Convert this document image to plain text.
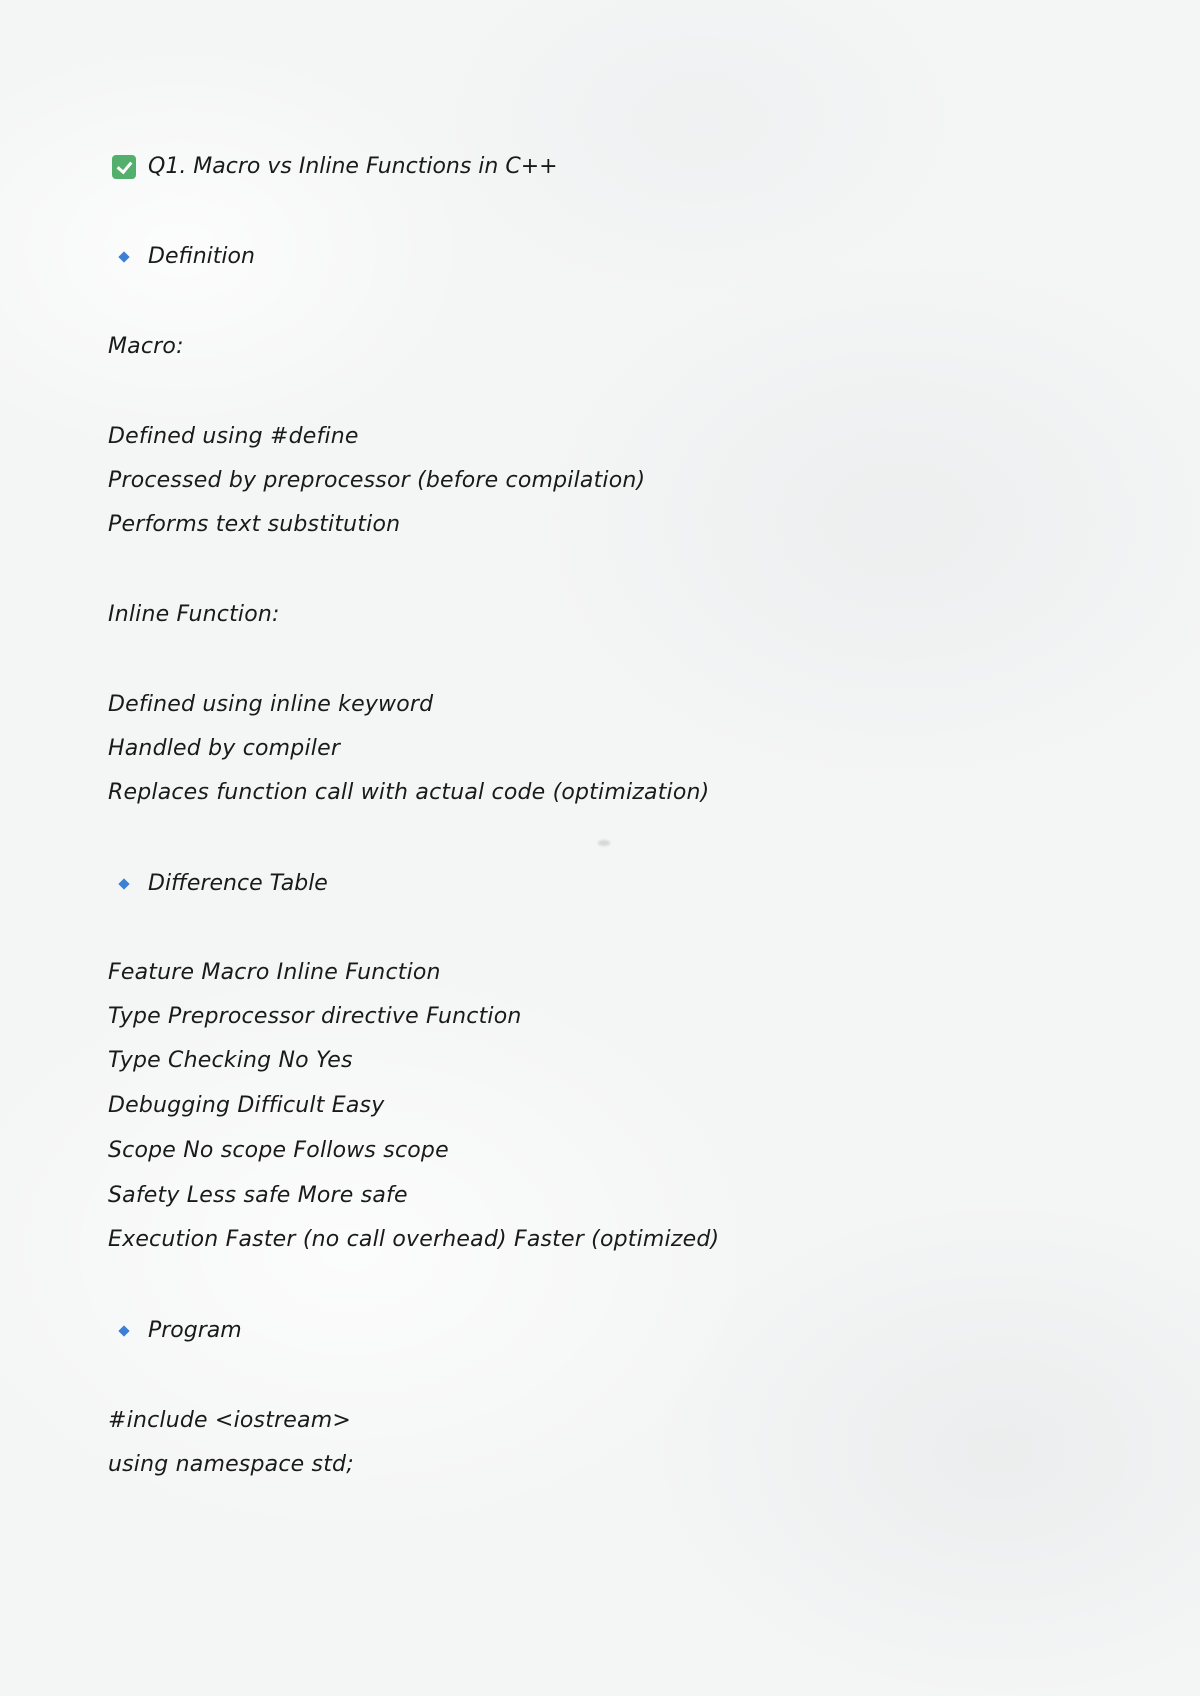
Q1. Macro vs Inline Functions in C++
Definition
Macro:
Defined using #define
Processed by preprocessor (before compilation)
Performs text substitution
Inline Function:
Defined using inline keyword
Handled by compiler
Replaces function call with actual code (optimization)
Difference Table
Feature Macro Inline Function
Type Preprocessor directive Function
Type Checking No Yes
Debugging Difficult Easy
Scope No scope Follows scope
Safety Less safe More safe
Execution Faster (no call overhead) Faster (optimized)
Program
#include <iostream>
using namespace std;
